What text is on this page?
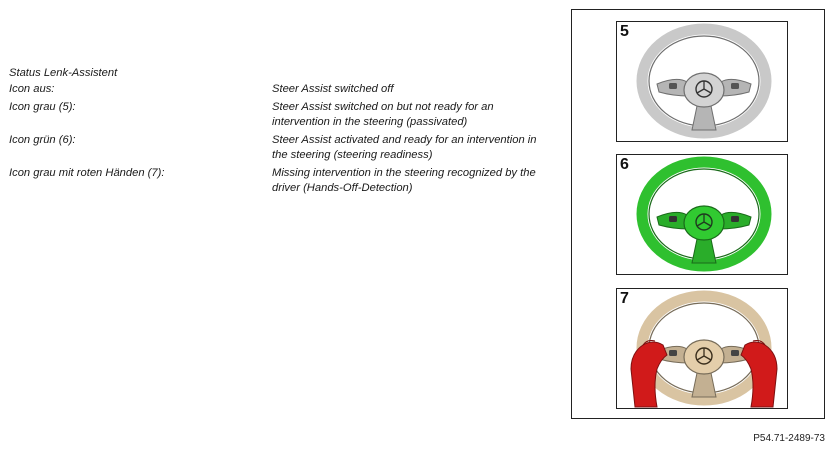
Status Lenk-Assistent
Icon aus:	Steer Assist switched off
Icon grau (5):	Steer Assist switched on but not ready for an intervention in the steering (passivated)
Icon grün (6):	Steer Assist activated and ready for an intervention in the steering (steering readiness)
Icon grau mit roten Händen (7):	Missing intervention in the steering recognized by the driver (Hands-Off-Detection)
5
6
7
P54.71-2489-73
